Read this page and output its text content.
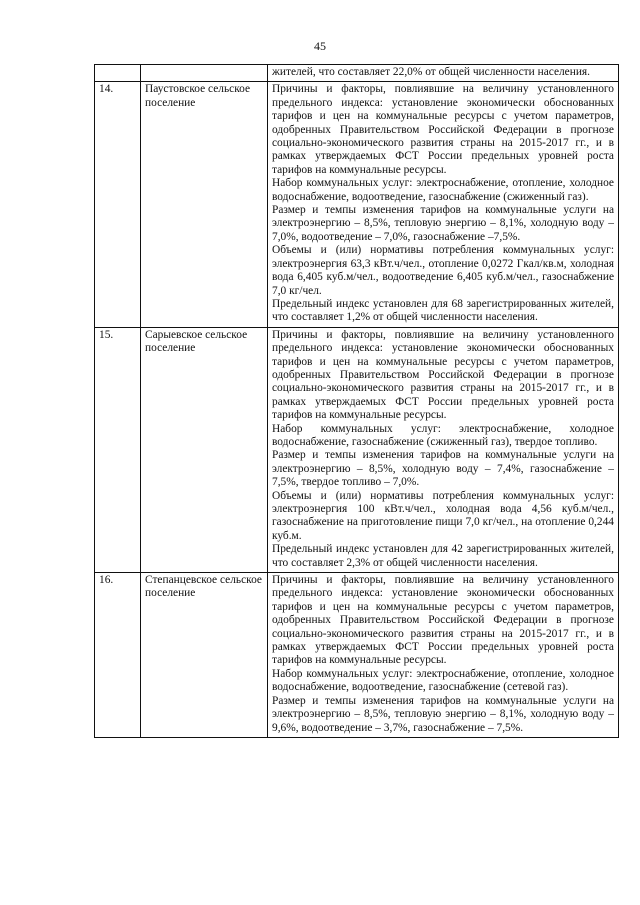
45

		жителей, что составляет 22,0% от общей численности населения.

14.	Паустовское сельское поселение	Причины и факторы, повлиявшие на величину установленного предельного индекса: установление экономически обоснованных тарифов и цен на коммунальные ресурсы с учетом параметров, одобренных Правительством Российской Федерации в прогнозе социально-экономического развития страны на 2015-2017 гг., и в рамках утверждаемых ФСТ России предельных уровней роста тарифов на коммунальные ресурсы.
Набор коммунальных услуг: электроснабжение, отопление, холодное водоснабжение, водоотведение, газоснабжение (сжиженный газ).
Размер и темпы изменения тарифов на коммунальные услуги на электроэнергию – 8,5%, тепловую энергию – 8,1%, холодную воду – 7,0%, водоотведение – 7,0%, газоснабжение –7,5%.
Объемы и (или) нормативы потребления коммунальных услуг: электроэнергия 63,3 кВт.ч/чел., отопление 0,0272 Гкал/кв.м, холодная вода 6,405 куб.м/чел., водоотведение 6,405 куб.м/чел., газоснабжение 7,0 кг/чел.
Предельный индекс установлен для 68 зарегистрированных жителей, что составляет 1,2% от общей численности населения.

15.	Сарыевское сельское поселение	Причины и факторы, повлиявшие на величину установленного предельного индекса: установление экономически обоснованных тарифов и цен на коммунальные ресурсы с учетом параметров, одобренных Правительством Российской Федерации в прогнозе социально-экономического развития страны на 2015-2017 гг., и в рамках утверждаемых ФСТ России предельных уровней роста тарифов на коммунальные ресурсы.
Набор коммунальных услуг: электроснабжение, холодное водоснабжение, газоснабжение (сжиженный газ), твердое топливо.
Размер и темпы изменения тарифов на коммунальные услуги на электроэнергию – 8,5%, холодную воду – 7,4%, газоснабжение – 7,5%, твердое топливо – 7,0%.
Объемы и (или) нормативы потребления коммунальных услуг: электроэнергия 100 кВт.ч/чел., холодная вода 4,56 куб.м/чел., газоснабжение на приготовление пищи 7,0 кг/чел., на отопление 0,244 куб.м.
Предельный индекс установлен для 42 зарегистрированных жителей, что составляет 2,3% от общей численности населения.

16.	Степанцевское сельское поселение	Причины и факторы, повлиявшие на величину установленного предельного индекса: установление экономически обоснованных тарифов и цен на коммунальные ресурсы с учетом параметров, одобренных Правительством Российской Федерации в прогнозе социально-экономического развития страны на 2015-2017 гг., и в рамках утверждаемых ФСТ России предельных уровней роста тарифов на коммунальные ресурсы.
Набор коммунальных услуг: электроснабжение, отопление, холодное водоснабжение, водоотведение, газоснабжение (сетевой газ).
Размер и темпы изменения тарифов на коммунальные услуги на электроэнергию – 8,5%, тепловую энергию – 8,1%, холодную воду – 9,6%, водоотведение – 3,7%, газоснабжение – 7,5%.
